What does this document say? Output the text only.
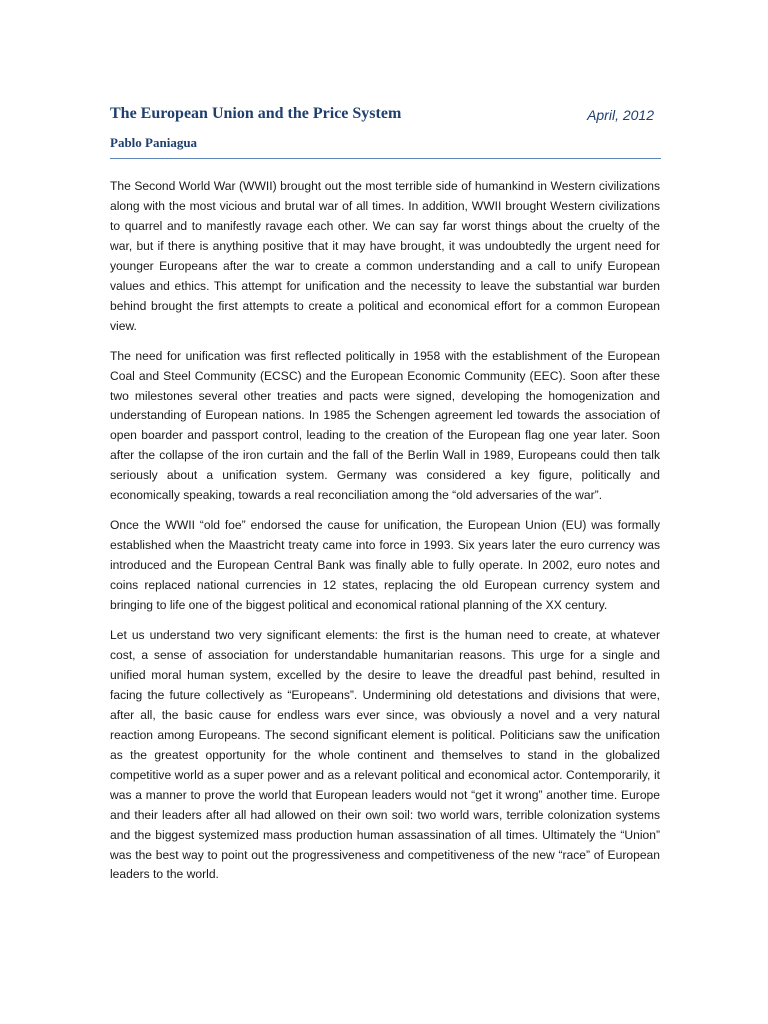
The European Union and the Price System	April, 2012
Pablo Paniagua

The Second World War (WWII) brought out the most terrible side of humankind in Western civilizations along with the most vicious and brutal war of all times. In addition, WWII brought Western civilizations to quarrel and to manifestly ravage each other. We can say far worst things about the cruelty of the war, but if there is anything positive that it may have brought, it was undoubtedly the urgent need for younger Europeans after the war to create a common understanding and a call to unify European values and ethics. This attempt for unification and the necessity to leave the substantial war burden behind brought the first attempts to create a political and economical effort for a common European view.

The need for unification was first reflected politically in 1958 with the establishment of the European Coal and Steel Community (ECSC) and the European Economic Community (EEC). Soon after these two milestones several other treaties and pacts were signed, developing the homogenization and understanding of European nations. In 1985 the Schengen agreement led towards the association of open boarder and passport control, leading to the creation of the European flag one year later. Soon after the collapse of the iron curtain and the fall of the Berlin Wall in 1989, Europeans could then talk seriously about a unification system. Germany was considered a key figure, politically and economically speaking, towards a real reconciliation among the “old adversaries of the war”.

Once the WWII “old foe” endorsed the cause for unification, the European Union (EU) was formally established when the Maastricht treaty came into force in 1993. Six years later the euro currency was introduced and the European Central Bank was finally able to fully operate. In 2002, euro notes and coins replaced national currencies in 12 states, replacing the old European currency system and bringing to life one of the biggest political and economical rational planning of the XX century.

Let us understand two very significant elements: the first is the human need to create, at whatever cost, a sense of association for understandable humanitarian reasons. This urge for a single and unified moral human system, excelled by the desire to leave the dreadful past behind, resulted in facing the future collectively as “Europeans”. Undermining old detestations and divisions that were, after all, the basic cause for endless wars ever since, was obviously a novel and a very natural reaction among Europeans. The second significant element is political. Politicians saw the unification as the greatest opportunity for the whole continent and themselves to stand in the globalized competitive world as a super power and as a relevant political and economical actor. Contemporarily, it was a manner to prove the world that European leaders would not “get it wrong” another time. Europe and their leaders after all had allowed on their own soil: two world wars, terrible colonization systems and the biggest systemized mass production human assassination of all times. Ultimately the “Union” was the best way to point out the progressiveness and competitiveness of the new “race” of European leaders to the world.
